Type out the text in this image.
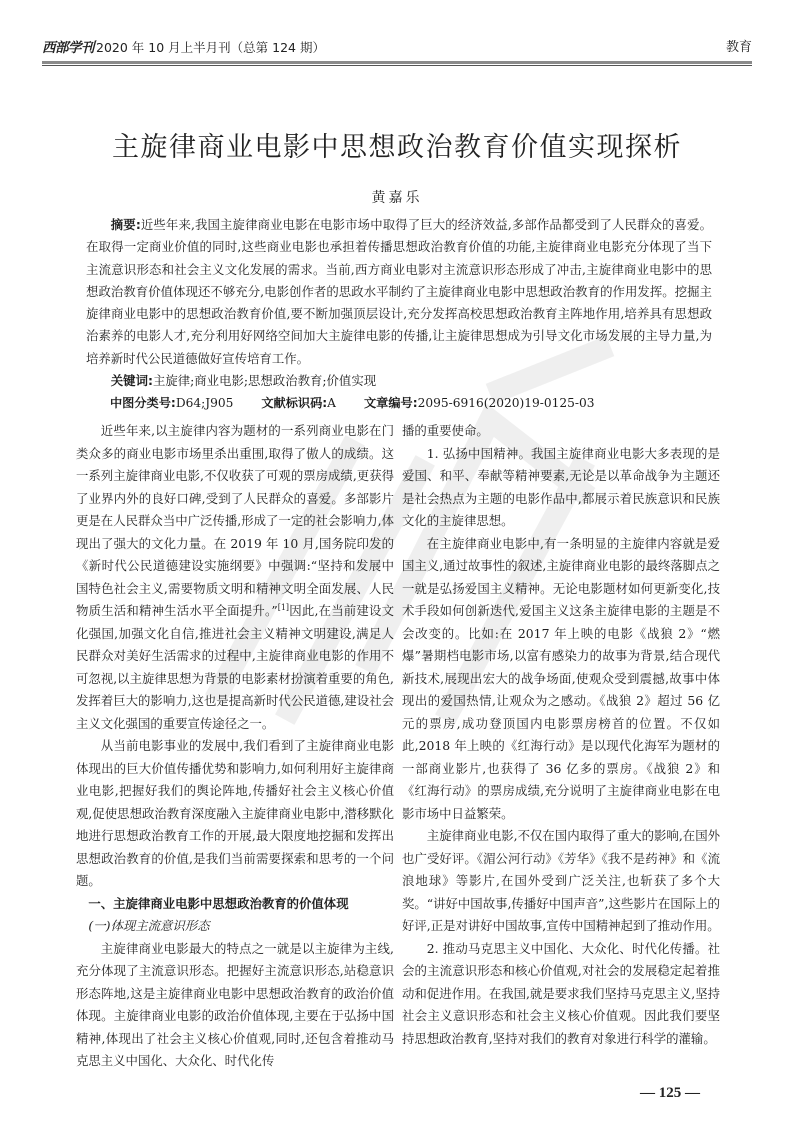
西部学刊 2020 年 10 月上半月刊（总第 124 期）	教育
主旋律商业电影中思想政治教育价值实现探析
黄嘉乐
摘要:近些年来,我国主旋律商业电影在电影市场中取得了巨大的经济效益,多部作品都受到了人民群众的喜爱。在取得一定商业价值的同时,这些商业电影也承担着传播思想政治教育价值的功能,主旋律商业电影充分体现了当下主流意识形态和社会主义文化发展的需求。当前,西方商业电影对主流意识形态形成了冲击,主旋律商业电影中的思想政治教育价值体现还不够充分,电影创作者的思政水平制约了主旋律商业电影中思想政治教育的作用发挥。挖掘主旋律商业电影中的思想政治教育价值,要不断加强顶层设计,充分发挥高校思想政治教育主阵地作用,培养具有思想政治素养的电影人才,充分利用好网络空间加大主旋律电影的传播,让主旋律思想成为引导文化市场发展的主导力量,为培养新时代公民道德做好宣传培育工作。
关键词:主旋律;商业电影;思想政治教育;价值实现
中图分类号:D64;J905 文献标识码:A 文章编号:2095-6916(2020)19-0125-03

近些年来,以主旋律内容为题材的一系列商业电影在门类众多的商业电影市场里杀出重围,取得了傲人的成绩。这一系列主旋律商业电影,不仅收获了可观的票房成绩,更获得了业界内外的良好口碑,受到了人民群众的喜爱。多部影片更是在人民群众当中广泛传播,形成了一定的社会影响力,体现出了强大的文化力量。在 2019 年 10 月,国务院印发的《新时代公民道德建设实施纲要》中强调:“坚持和发展中国特色社会主义,需要物质文明和精神文明全面发展、人民物质生活和精神生活水平全面提升。”[1]因此,在当前建设文化强国,加强文化自信,推进社会主义精神文明建设,满足人民群众对美好生活需求的过程中,主旋律商业电影的作用不可忽视,以主旋律思想为背景的电影素材扮演着重要的角色,发挥着巨大的影响力,这也是提高新时代公民道德,建设社会主义文化强国的重要宣传途径之一。

从当前电影事业的发展中,我们看到了主旋律商业电影体现出的巨大价值传播优势和影响力,如何利用好主旋律商业电影,把握好我们的舆论阵地,传播好社会主义核心价值观,促使思想政治教育深度融入主旋律商业电影中,潜移默化地进行思想政治教育工作的开展,最大限度地挖掘和发挥出思想政治教育的价值,是我们当前需要探索和思考的一个问题。

一、主旋律商业电影中思想政治教育的价值体现
(一)体现主流意识形态

主旋律商业电影最大的特点之一就是以主旋律为主线,充分体现了主流意识形态。把握好主流意识形态,站稳意识形态阵地,这是主旋律商业电影中思想政治教育的政治价值体现。主旋律商业电影的政治价值体现,主要在于弘扬中国精神,体现出了社会主义核心价值观,同时,还包含着推动马克思主义中国化、大众化、时代化传

播的重要使命。

1. 弘扬中国精神。我国主旋律商业电影大多表现的是爱国、和平、奉献等精神要素,无论是以革命战争为主题还是社会热点为主题的电影作品中,都展示着民族意识和民族文化的主旋律思想。

在主旋律商业电影中,有一条明显的主旋律内容就是爱国主义,通过故事性的叙述,主旋律商业电影的最终落脚点之一就是弘扬爱国主义精神。无论电影题材如何更新变化,技术手段如何创新迭代,爱国主义这条主旋律电影的主题是不会改变的。比如:在 2017 年上映的电影《战狼 2》“燃爆”暑期档电影市场,以富有感染力的故事为背景,结合现代新技术,展现出宏大的战争场面,使观众受到震撼,故事中体现出的爱国热情,让观众为之感动。《战狼 2》超过 56 亿元的票房,成功登顶国内电影票房榜首的位置。不仅如此,2018 年上映的《红海行动》是以现代化海军为题材的一部商业影片,也获得了 36 亿多的票房。《战狼 2》和《红海行动》的票房成绩,充分说明了主旋律商业电影在电影市场中日益繁荣。

主旋律商业电影,不仅在国内取得了重大的影响,在国外也广受好评。《湄公河行动》《芳华》《我不是药神》和《流浪地球》等影片,在国外受到广泛关注,也斩获了多个大奖。“讲好中国故事,传播好中国声音”,这些影片在国际上的好评,正是对讲好中国故事,宣传中国精神起到了推动作用。

2. 推动马克思主义中国化、大众化、时代化传播。社会的主流意识形态和核心价值观,对社会的发展稳定起着推动和促进作用。在我国,就是要求我们坚持马克思主义,坚持社会主义意识形态和社会主义核心价值观。因此我们要坚持思想政治教育,坚持对我们的教育对象进行科学的灌输。

— 125 —
